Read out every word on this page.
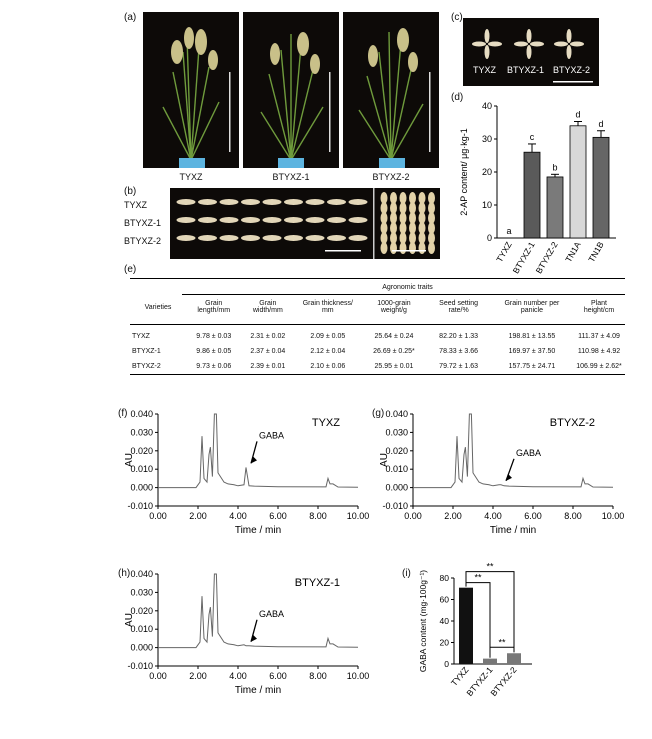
(a)
TYXZ	BTYXZ-1	BTYXZ-2
(b)
TYXZ
BTYXZ-1
BTYXZ-2
(c)
TYXZ BTYXZ-1 BTYXZ-2
(d)
2-AP content/ μg·kg-1
0
10
20
30
40
a
TYXZ
c
BTYXZ-1
b
BTYXZ-2
d
TN1A
d
TN1B
(e)
Agronomic traits
Varieties	Grain length/mm	Grain width/mm	Grain thickness/ mm	1000-grain weight/g	Seed setting rate/%	Grain number per panicle	Plant height/cm

TYXZ	9.78 ± 0.03	2.31 ± 0.02	2.09 ± 0.05	25.64 ± 0.24	82.20 ± 1.33	198.81 ± 13.55	111.37 ± 4.09
BTYXZ-1	9.86 ± 0.05	2.37 ± 0.04	2.12 ± 0.04	26.69 ± 0.25*	78.33 ± 3.66	169.97 ± 37.50	110.98 ± 4.92
BTYXZ-2	9.73 ± 0.06	2.39 ± 0.01	2.10 ± 0.06	25.95 ± 0.01	79.72 ± 1.63	157.75 ± 24.71	106.99 ± 2.62*
(f) 0.040
0.030
0.020
0.010
0.000
-0.010
0.00 2.00 4.00 6.00 8.00 10.00
AU
Time / min
TYXZ
GABA
(g) 0.040
0.030
0.020
0.010
0.000
-0.010
0.00 2.00 4.00 6.00 8.00 10.00
AU
Time / min
BTYXZ-2
GABA
(h) 0.040
0.030
0.020
0.010
0.000
-0.010
0.00 2.00 4.00 6.00 8.00 10.00
AU
Time / min
BTYXZ-1
GABA
(i)
0
20
40
60
80
GABA content (mg·100g⁻¹)
TYXZ
BTYXZ-1
BTYXZ-2
**
**
**
